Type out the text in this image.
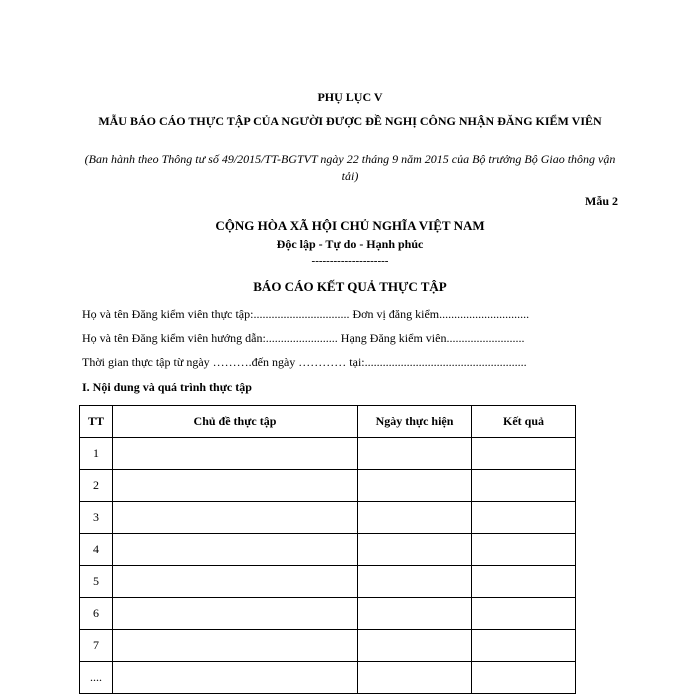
PHỤ LỤC V
MẪU BÁO CÁO THỰC TẬP CỦA NGƯỜI ĐƯỢC ĐỀ NGHỊ CÔNG NHẬN ĐĂNG KIỂM VIÊN
(Ban hành theo Thông tư số 49/2015/TT-BGTVT ngày 22 tháng 9 năm 2015 của Bộ trưởng Bộ Giao thông vận tải)
Mẫu 2
CỘNG HÒA XÃ HỘI CHỦ NGHĨA VIỆT NAM
Độc lập - Tự do - Hạnh phúc
---------------------
BÁO CÁO KẾT QUẢ THỰC TẬP
Họ và tên Đăng kiểm viên thực tập:................................ Đơn vị đăng kiểm..............................
Họ và tên Đăng kiểm viên hướng dẫn:........................ Hạng Đăng kiểm viên..........................
Thời gian thực tập từ ngày ……….đến ngày ………… tại:......................................................
I. Nội dung và quá trình thực tập
TT	Chủ đề thực tập	Ngày thực hiện	Kết quả
1			
2			
3			
4			
5			
6			
7			
....			
